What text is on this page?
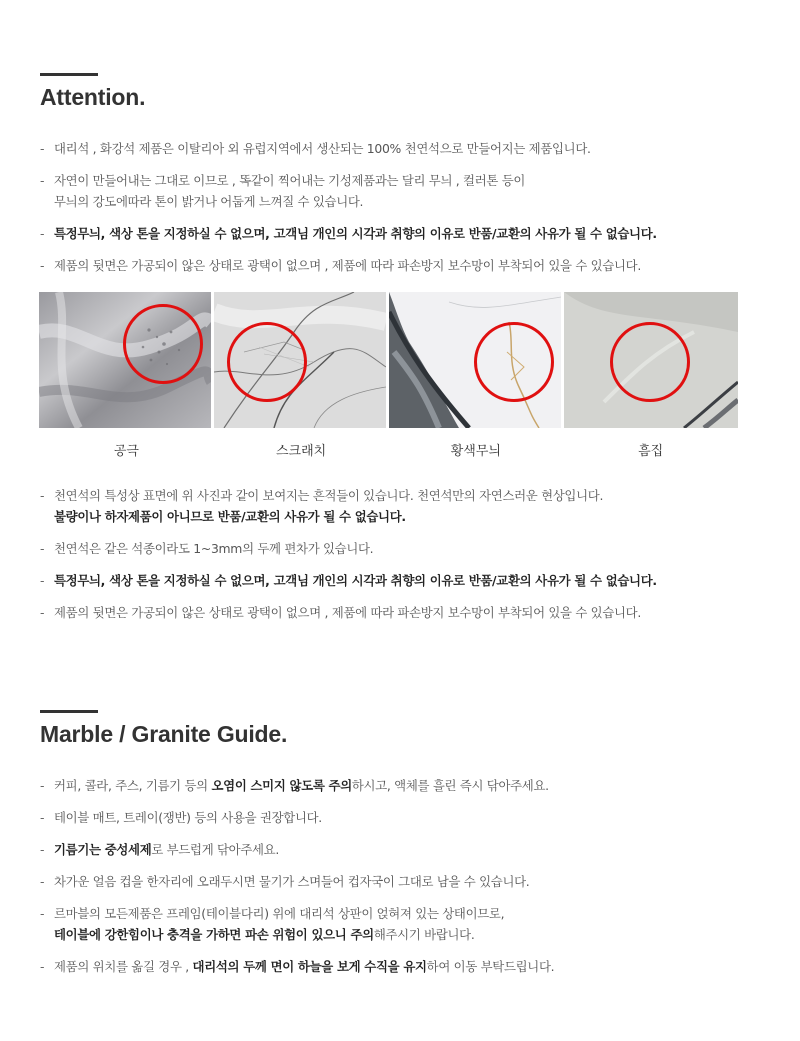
Attention.
- 대리석 , 화강석 제품은 이탈리아 외 유럽지역에서 생산되는 100% 천연석으로 만들어지는 제품입니다.
- 자연이 만들어내는 그대로 이므로 , 똑같이 찍어내는 기성제품과는 달리 무늬 , 컬러톤 등이
무늬의 강도에따라 톤이 밝거나 어둡게 느껴질 수 있습니다.
- 특정무늬, 색상 톤을 지정하실 수 없으며, 고객님 개인의 시각과 취향의 이유로 반품/교환의 사유가 될 수 없습니다.
- 제품의 뒷면은 가공되이 않은 상태로 광택이 없으며 , 제품에 따라 파손방지 보수망이 부착되어 있을 수 있습니다.
공극	스크래치	황색무늬	흠집
- 천연석의 특성상 표면에 위 사진과 같이 보여지는 흔적들이 있습니다. 천연석만의 자연스러운 현상입니다.
불량이나 하자제품이 아니므로 반품/교환의 사유가 될 수 없습니다.
- 천연석은 같은 석종이라도 1~3mm의 두께 편차가 있습니다.
- 특정무늬, 색상 톤을 지정하실 수 없으며, 고객님 개인의 시각과 취향의 이유로 반품/교환의 사유가 될 수 없습니다.
- 제품의 뒷면은 가공되이 않은 상태로 광택이 없으며 , 제품에 따라 파손방지 보수망이 부착되어 있을 수 있습니다.
Marble / Granite Guide.
- 커피, 콜라, 주스, 기름기 등의 오염이 스미지 않도록 주의하시고, 액체를 흘린 즉시 닦아주세요.
- 테이블 매트, 트레이(쟁반) 등의 사용을 권장합니다.
- 기름기는 중성세제로 부드럽게 닦아주세요.
- 차가운 얼음 컵을 한자리에 오래두시면 물기가 스며들어 컵자국이 그대로 남을 수 있습니다.
- 르마블의 모든제품은 프레임(테이블다리) 위에 대리석 상판이 얹혀져 있는 상태이므로,
테이블에 강한힘이나 충격을 가하면 파손 위험이 있으니 주의해주시기 바랍니다.
- 제품의 위치를 옮길 경우 , 대리석의 두께 면이 하늘을 보게 수직을 유지하여 이동 부탁드립니다.
